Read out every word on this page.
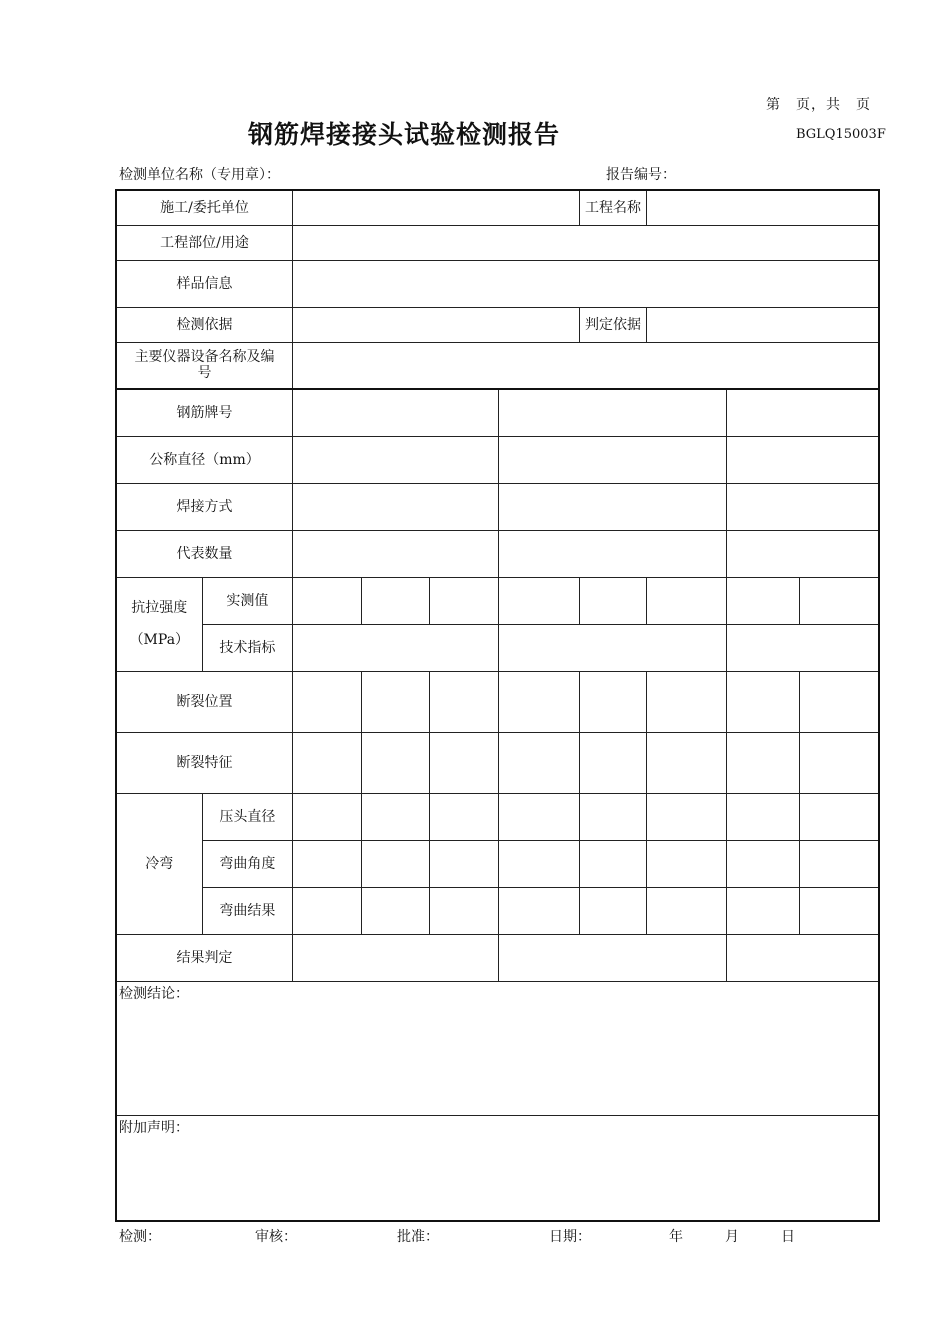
第　页，共　页
BGLQ15003F
钢筋焊接接头试验检测报告
检测单位名称（专用章）：	报告编号：
施工/委托单位						工程名称			
工程部位/用途									
样品信息									
检测依据						判定依据			
主要仪器设备名称及编号									
钢筋牌号									
公称直径（mm）									
焊接方式									
代表数量									

抗拉强度
（MPa）	实测值								
	技术指标								
断裂位置									
断裂特征									
冷弯	压头直径								
	弯曲角度								
	弯曲结果								
结果判定									
检测结论：									
附加声明：									
检测：	审核：	批准：	日期：	年	月	日
